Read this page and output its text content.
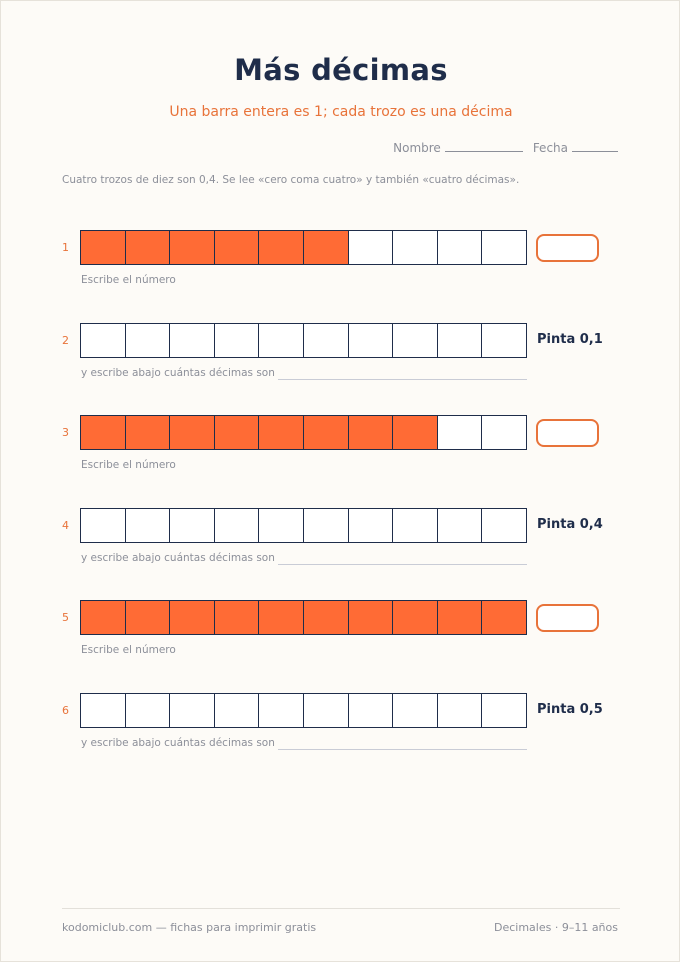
Más décimas
Una barra entera es 1; cada trozo es una décima
Nombre	Fecha
Cuatro trozos de diez son 0,4. Se lee «cero coma cuatro» y también «cuatro décimas».
1
Escribe el número
2	Pinta 0,1
y escribe abajo cuántas décimas son
3
Escribe el número
4	Pinta 0,4
y escribe abajo cuántas décimas son
5
Escribe el número
6	Pinta 0,5
y escribe abajo cuántas décimas son
kodomiclub.com — fichas para imprimir gratis	Decimales · 9–11 años
